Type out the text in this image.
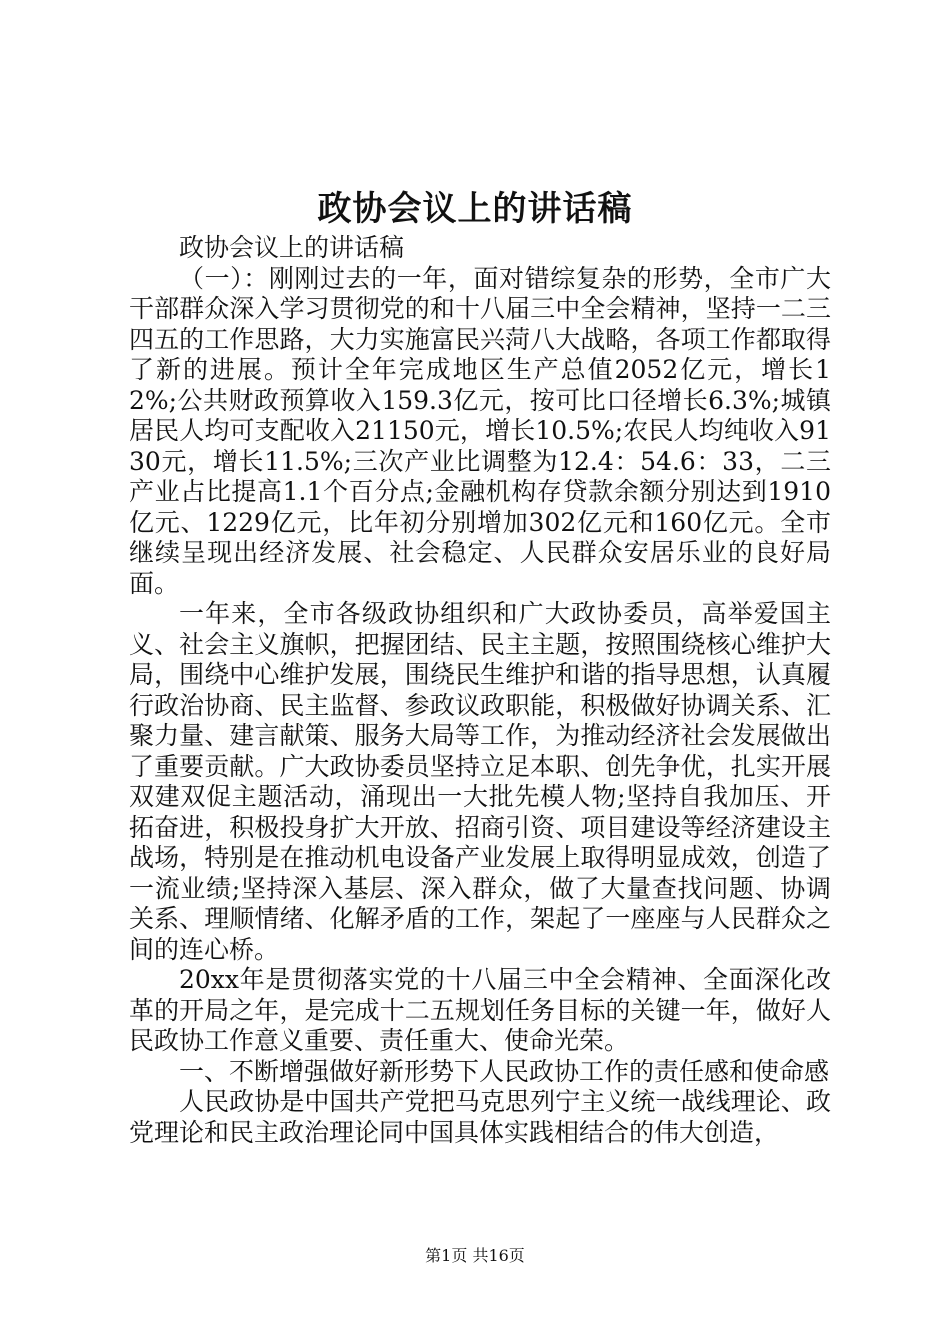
政协会议上的讲话稿

政协会议上的讲话稿

（一）：刚刚过去的一年，面对错综复杂的形势，全市广大干部群众深入学习贯彻党的和十八届三中全会精神，坚持一二三四五的工作思路，大力实施富民兴菏八大战略，各项工作都取得了新的进展。预计全年完成地区生产总值2052亿元，增长12%;公共财政预算收入159.3亿元，按可比口径增长6.3%;城镇居民人均可支配收入21150元，增长10.5%;农民人均纯收入9130元，增长11.5%;三次产业比调整为12.4：54.6：33，二三产业占比提高1.1个百分点;金融机构存贷款余额分别达到1910亿元、1229亿元，比年初分别增加302亿元和160亿元。全市继续呈现出经济发展、社会稳定、人民群众安居乐业的良好局面。

一年来，全市各级政协组织和广大政协委员，高举爱国主义、社会主义旗帜，把握团结、民主主题，按照围绕核心维护大局，围绕中心维护发展，围绕民生维护和谐的指导思想，认真履行政治协商、民主监督、参政议政职能，积极做好协调关系、汇聚力量、建言献策、服务大局等工作，为推动经济社会发展做出了重要贡献。广大政协委员坚持立足本职、创先争优，扎实开展双建双促主题活动，涌现出一大批先模人物;坚持自我加压、开拓奋进，积极投身扩大开放、招商引资、项目建设等经济建设主战场，特别是在推动机电设备产业发展上取得明显成效，创造了一流业绩;坚持深入基层、深入群众，做了大量查找问题、协调关系、理顺情绪、化解矛盾的工作，架起了一座座与人民群众之间的连心桥。

20xx年是贯彻落实党的十八届三中全会精神、全面深化改革的开局之年，是完成十二五规划任务目标的关键一年，做好人民政协工作意义重要、责任重大、使命光荣。

一、不断增强做好新形势下人民政协工作的责任感和使命感

人民政协是中国共产党把马克思列宁主义统一战线理论、政党理论和民主政治理论同中国具体实践相结合的伟大创造，

第1页 共16页
